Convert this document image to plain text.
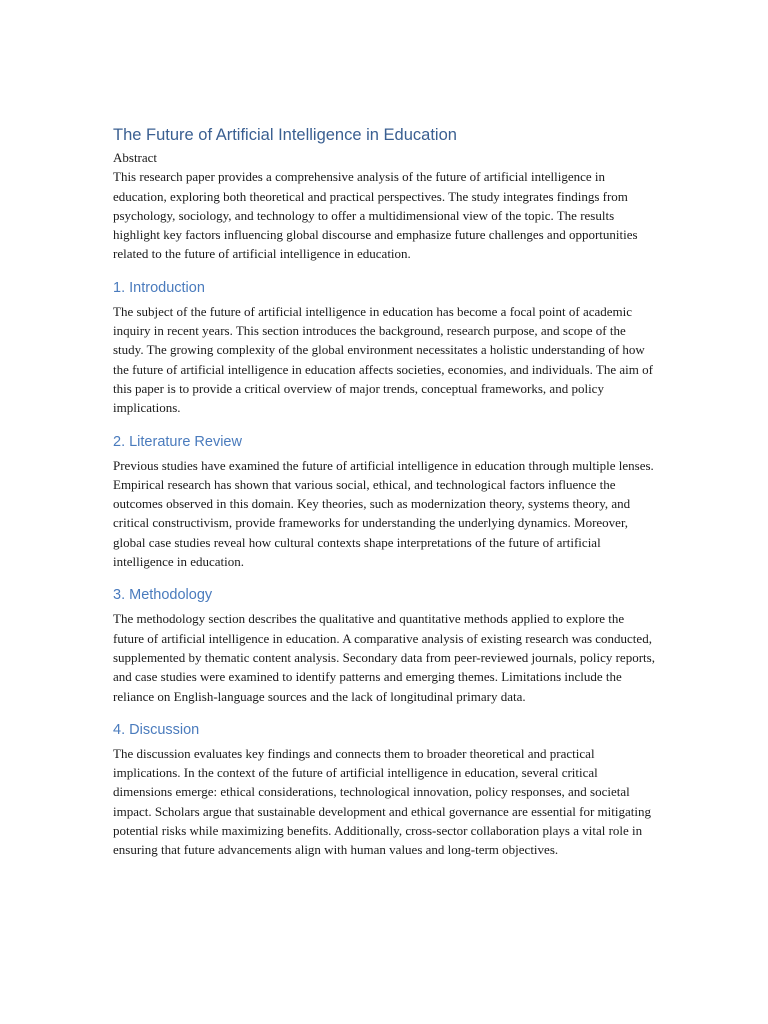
The Future of Artificial Intelligence in Education
Abstract

This research paper provides a comprehensive analysis of the future of artificial intelligence in education, exploring both theoretical and practical perspectives. The study integrates findings from psychology, sociology, and technology to offer a multidimensional view of the topic. The results highlight key factors influencing global discourse and emphasize future challenges and opportunities related to the future of artificial intelligence in education.

1. Introduction

The subject of the future of artificial intelligence in education has become a focal point of academic inquiry in recent years. This section introduces the background, research purpose, and scope of the study. The growing complexity of the global environment necessitates a holistic understanding of how the future of artificial intelligence in education affects societies, economies, and individuals. The aim of this paper is to provide a critical overview of major trends, conceptual frameworks, and policy implications.

2. Literature Review

Previous studies have examined the future of artificial intelligence in education through multiple lenses. Empirical research has shown that various social, ethical, and technological factors influence the outcomes observed in this domain. Key theories, such as modernization theory, systems theory, and critical constructivism, provide frameworks for understanding the underlying dynamics. Moreover, global case studies reveal how cultural contexts shape interpretations of the future of artificial intelligence in education.

3. Methodology

The methodology section describes the qualitative and quantitative methods applied to explore the future of artificial intelligence in education. A comparative analysis of existing research was conducted, supplemented by thematic content analysis. Secondary data from peer-reviewed journals, policy reports, and case studies were examined to identify patterns and emerging themes. Limitations include the reliance on English-language sources and the lack of longitudinal primary data.

4. Discussion

The discussion evaluates key findings and connects them to broader theoretical and practical implications. In the context of the future of artificial intelligence in education, several critical dimensions emerge: ethical considerations, technological innovation, policy responses, and societal impact. Scholars argue that sustainable development and ethical governance are essential for mitigating potential risks while maximizing benefits. Additionally, cross-sector collaboration plays a vital role in ensuring that future advancements align with human values and long-term objectives.
